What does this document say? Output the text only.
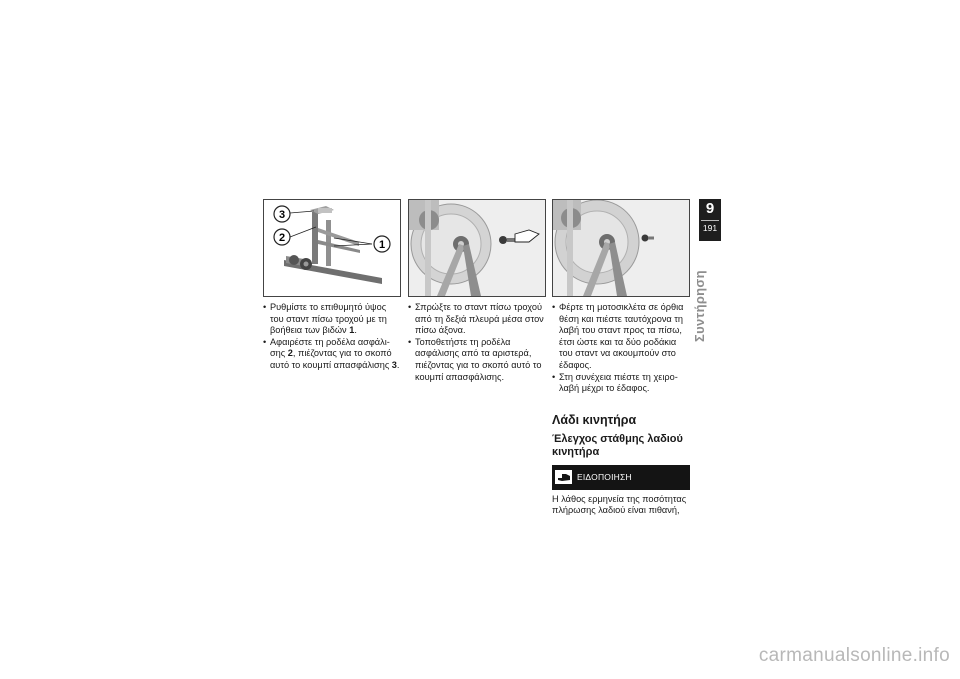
3
2
1
• Ρυθμίστε το επιθυμητό ύψος του σταντ πίσω τροχού με τη βοήθεια των βιδών 1.
• Αφαιρέστε τη ροδέλα ασφάλι-σης 2, πιέζοντας για το σκοπό αυτό το κουμπί απασφάλισης 3.
• Σπρώξτε το σταντ πίσω τροχού από τη δεξιά πλευρά μέσα στον πίσω άξονα.
• Τοποθετήστε τη ροδέλα ασφάλισης από τα αριστερά, πιέζοντας για το σκοπό αυτό το κουμπί απασφάλισης.
• Φέρτε τη μοτοσικλέτα σε όρθια θέση και πιέστε ταυτόχρονα τη λαβή του σταντ προς τα πίσω, έτσι ώστε και τα δύο ροδάκια του σταντ να ακουμπούν στο έδαφος.
• Στη συνέχεια πιέστε τη χειρο-λαβή μέχρι το έδαφος.
Λάδι κινητήρα
Έλεγχος στάθμης λαδιού κινητήρα
ΕΙΔΟΠΟΙΗΣΗ
Η λάθος ερμηνεία της ποσότητας πλήρωσης λαδιού είναι πιθανή,
9
191
Συντήρηση
carmanualsonline.info
